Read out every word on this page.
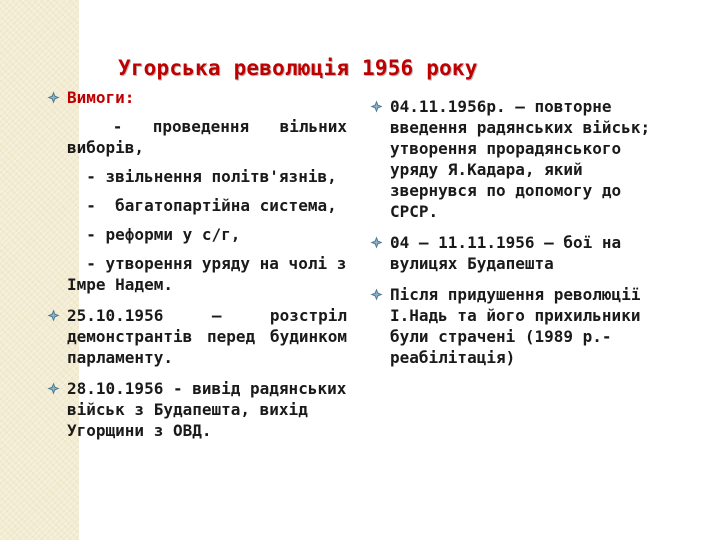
Угорська революція 1956 року
Вимоги:
-  проведення  вільних виборів,
- звільнення політв'язнів,
-  багатопартійна система,
- реформи у с/г,
- утворення уряду на чолі з Імре Надем.
25.10.1956 – розстріл демонстрантів перед будинком парламенту.
28.10.1956 - вивід радянських військ з Будапешта, вихід Угорщини з ОВД.
04.11.1956р. – повторне введення радянських військ; утворення прорадянського уряду Я.Кадара, який звернувся по допомогу до СРСР.
04 – 11.11.1956 – бої на вулицях Будапешта
Після придушення революції І.Надь та його прихильники були страчені (1989 р.- реабілітація)
